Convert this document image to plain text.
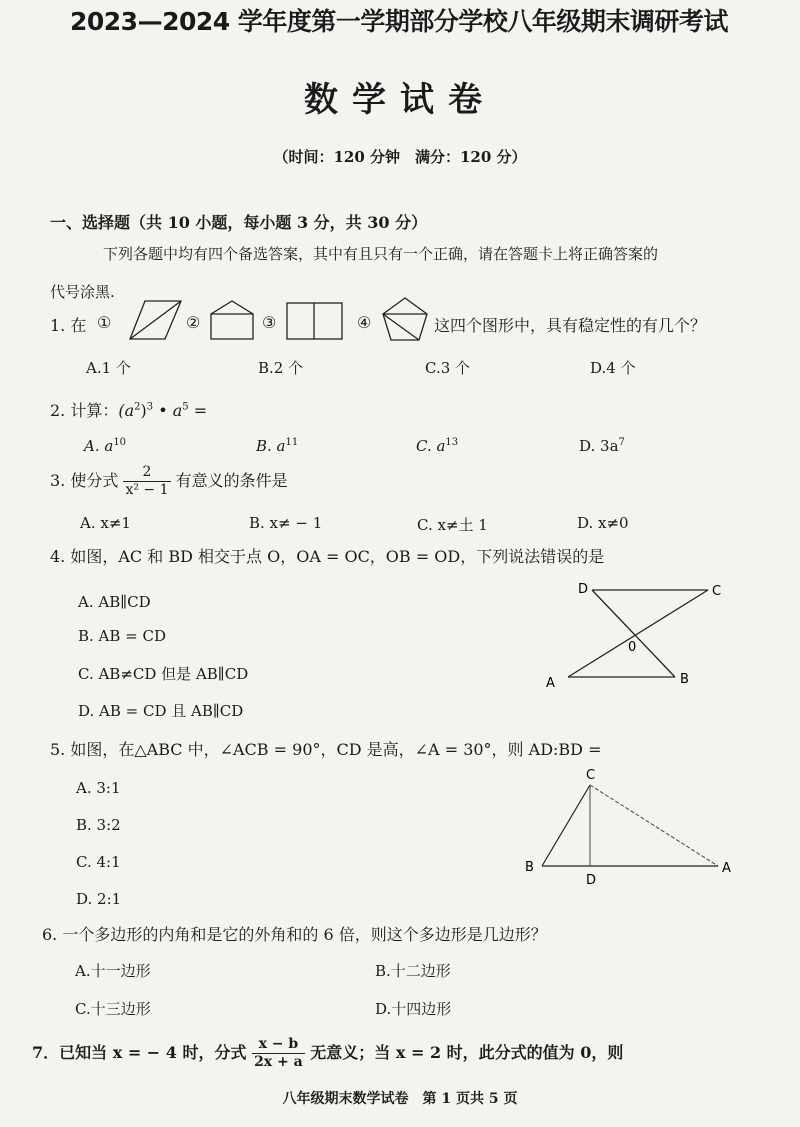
2023—2024 学年度第一学期部分学校八年级期末调研考试
数学试卷
（时间：120 分钟　满分：120 分）
一、选择题（共 10 小题，每小题 3 分，共 30 分）
下列各题中均有四个备选答案，其中有且只有一个正确，请在答题卡上将正确答案的
代号涂黑.
1. 在 ①	②	③	④	这四个图形中，具有稳定性的有几个？
A.1 个	B.2 个	C.3 个	D.4 个
2. 计算：$(a^2)^3$ • $a^5$ =
A. $a^{10}$	B. $a^{11}$	C. $a^{13}$	D. $3a^7$
3. 使分式 $\frac{2}{\text{x² − 1}}$ 有意义的条件是
A. x≠1	B. x≠ − 1	C. x≠土 1	D. x≠0
4. 如图，AC 和 BD 相交于点 O，OA = OC，OB = OD，下列说法错误的是
A. AB∥CD
B. AB = CD
C. AB≠CD 但是 AB∥CD
D. AB = CD 且 AB∥CD
D	C
0
A	B
5. 如图，在△ABC 中，∠ACB = 90°，CD 是高，∠A = 30°，则 AD:BD =
A. 3:1
B. 3:2
C. 4:1
D. 2:1
C
B
D
A
6. 一个多边形的内角和是它的外角和的 6 倍，则这个多边形是几边形？
A.十一边形	B.十二边形
C.十三边形	D.十四边形
7．已知当 x = − 4 时，分式 $\frac{x - b}{2x + a}$ 无意义；当 x = 2 时，此分式的值为 0，则
八年级期末数学试卷　第 1 页共 5 页
